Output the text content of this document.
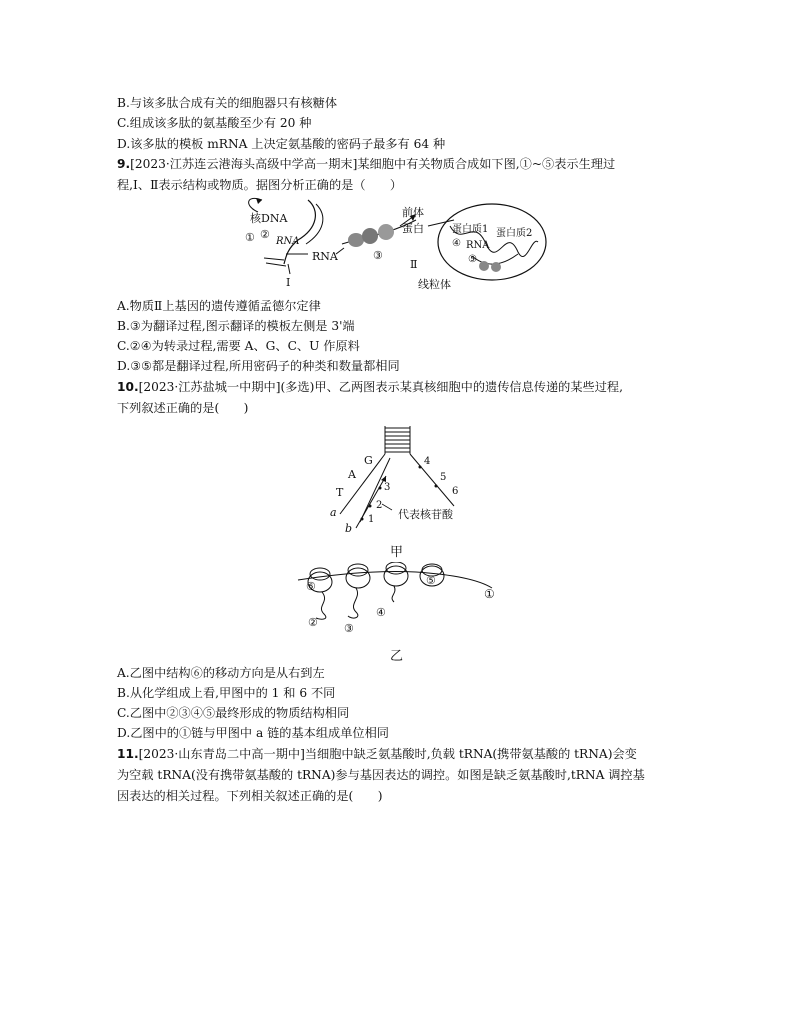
B.与该多肽合成有关的细胞器只有核糖体
C.组成该多肽的氨基酸至少有 20 种
D.该多肽的模板 mRNA 上决定氨基酸的密码子最多有 64 种
9.[2023·江苏连云港海头高级中学高一期末]某细胞中有关物质合成如下图,①~⑤表示生理过
程,Ⅰ、Ⅱ表示结构或物质。据图分析正确的是（　　）
核DNA
① ②
RNA
Ⅰ
RNA	③
前体
蛋白	蛋白质1 蛋白质2
④ RNA
⑤
Ⅱ
线粒体
A.物质Ⅱ上基因的遗传遵循孟德尔定律
B.③为翻译过程,图示翻译的模板左侧是 3'端
C.②④为转录过程,需要 A、G、C、U 作原料
D.③⑤都是翻译过程,所用密码子的种类和数量都相同
10.[2023·江苏盐城一中期中](多选)甲、乙两图表示某真核细胞中的遗传信息传递的某些过程,
下列叙述正确的是(　　)
G
A
T
a
b
1
2
3
4
5
6
代表核苷酸
甲
①
⑥	⑤
② ③
④
乙
A.乙图中结构⑥的移动方向是从右到左
B.从化学组成上看,甲图中的 1 和 6 不同
C.乙图中②③④⑤最终形成的物质结构相同
D.乙图中的①链与甲图中 a 链的基本组成单位相同
11.[2023·山东青岛二中高一期中]当细胞中缺乏氨基酸时,负载 tRNA(携带氨基酸的 tRNA)会变
为空载 tRNA(没有携带氨基酸的 tRNA)参与基因表达的调控。如图是缺乏氨基酸时,tRNA 调控基
因表达的相关过程。下列相关叙述正确的是(　　)
